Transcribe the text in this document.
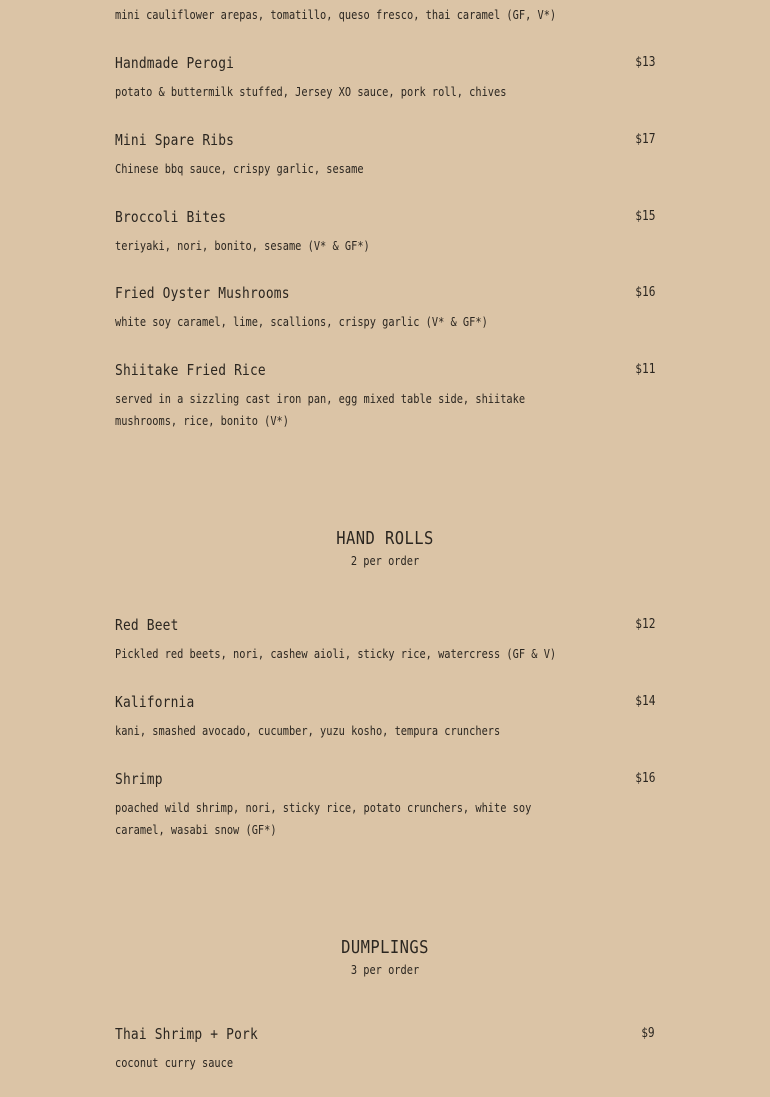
mini cauliflower arepas, tomatillo, queso fresco, thai caramel (GF, V*)
Handmade Perogi	$13
potato & buttermilk stuffed, Jersey XO sauce, pork roll, chives
Mini Spare Ribs	$17
Chinese bbq sauce, crispy garlic, sesame
Broccoli Bites	$15
teriyaki, nori, bonito, sesame (V* & GF*)
Fried Oyster Mushrooms	$16
white soy caramel, lime, scallions, crispy garlic (V* & GF*)
Shiitake Fried Rice	$11
served in a sizzling cast iron pan, egg mixed table side, shiitake mushrooms, rice, bonito (V*)
HAND ROLLS
2 per order
Red Beet	$12
Pickled red beets, nori, cashew aioli, sticky rice, watercress (GF & V)
Kalifornia	$14
kani, smashed avocado, cucumber, yuzu kosho, tempura crunchers
Shrimp	$16
poached wild shrimp, nori, sticky rice, potato crunchers, white soy caramel, wasabi snow (GF*)
DUMPLINGS
3 per order
Thai Shrimp + Pork	$9
coconut curry sauce
